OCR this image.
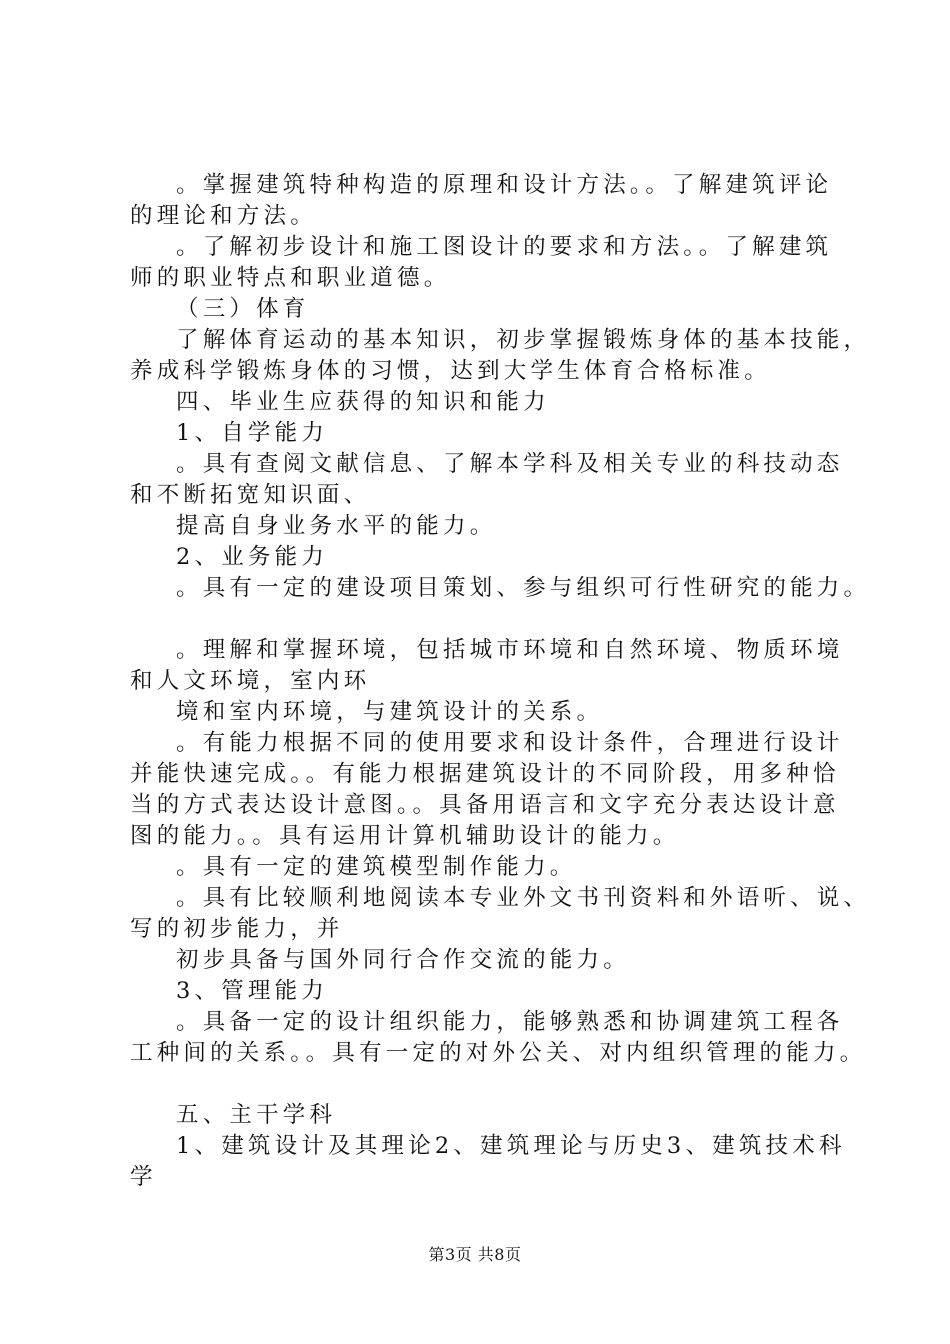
。掌握建筑特种构造的原理和设计方法。。了解建筑评论
的理论和方法。
。了解初步设计和施工图设计的要求和方法。。了解建筑
师的职业特点和职业道德。
（三）体育
了解体育运动的基本知识，初步掌握锻炼身体的基本技能，
养成科学锻炼身体的习惯，达到大学生体育合格标准。
四、毕业生应获得的知识和能力
1、自学能力
。具有查阅文献信息、了解本学科及相关专业的科技动态
和不断拓宽知识面、
提高自身业务水平的能力。
2、业务能力
。具有一定的建设项目策划、参与组织可行性研究的能力。
。理解和掌握环境，包括城市环境和自然环境、物质环境
和人文环境，室内环
境和室内环境，与建筑设计的关系。
。有能力根据不同的使用要求和设计条件，合理进行设计
并能快速完成。。有能力根据建筑设计的不同阶段，用多种恰
当的方式表达设计意图。。具备用语言和文字充分表达设计意
图的能力。。具有运用计算机辅助设计的能力。
。具有一定的建筑模型制作能力。
。具有比较顺利地阅读本专业外文书刊资料和外语听、说、
写的初步能力，并
初步具备与国外同行合作交流的能力。
3、管理能力
。具备一定的设计组织能力，能够熟悉和协调建筑工程各
工种间的关系。。具有一定的对外公关、对内组织管理的能力。
五、主干学科
1、建筑设计及其理论2、建筑理论与历史3、建筑技术科
学
第3页 共8页
